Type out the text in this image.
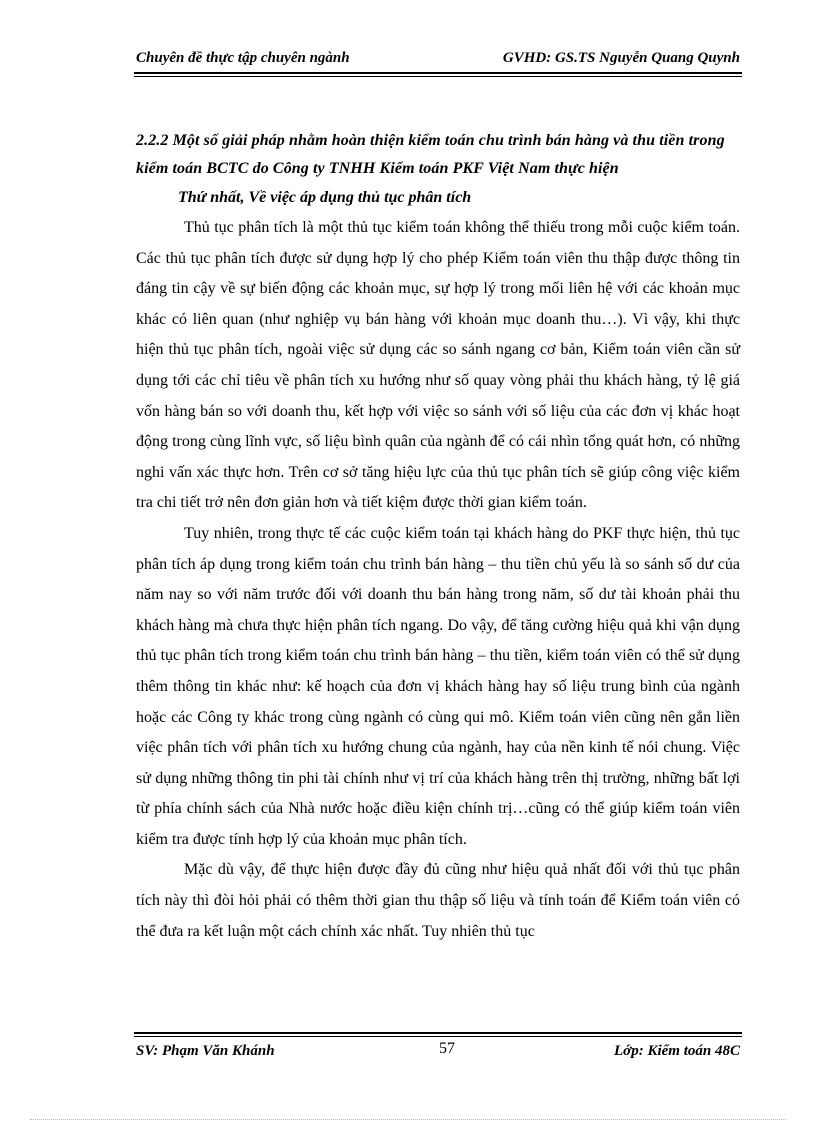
Chuyên đề thực tập chuyên ngành	GVHD: GS.TS Nguyễn Quang Quynh

2.2.2 Một số giải pháp nhằm hoàn thiện kiểm toán chu trình bán hàng và thu tiền trong kiểm toán BCTC do Công ty TNHH Kiểm toán PKF Việt Nam thực hiện

Thứ nhất, Về việc áp dụng thủ tục phân tích

Thủ tục phân tích là một thủ tục kiểm toán không thể thiếu trong mỗi cuộc kiểm toán. Các thủ tục phân tích được sử dụng hợp lý cho phép Kiểm toán viên thu thập được thông tin đáng tin cậy về sự biến động các khoản mục, sự hợp lý trong mối liên hệ với các khoản mục khác có liên quan (như nghiệp vụ bán hàng với khoản mục doanh thu…). Vì vậy, khi thực hiện thủ tục phân tích, ngoài việc sử dụng các so sánh ngang cơ bản, Kiểm toán viên cần sử dụng tới các chỉ tiêu về phân tích xu hướng như số quay vòng phải thu khách hàng, tỷ lệ giá vốn hàng bán so với doanh thu, kết hợp với việc so sánh với số liệu của các đơn vị khác hoạt động trong cùng lĩnh vực, số liệu bình quân của ngành để có cái nhìn tổng quát hơn, có những nghi vấn xác thực hơn. Trên cơ sở tăng hiệu lực của thủ tục phân tích sẽ giúp công việc kiểm tra chi tiết trở nên đơn giản hơn và tiết kiệm được thời gian kiểm toán.

Tuy nhiên, trong thực tế các cuộc kiểm toán tại khách hàng do PKF thực hiện, thủ tục phân tích áp dụng trong kiểm toán chu trình bán hàng – thu tiền chủ yếu là so sánh số dư của năm nay so với năm trước đối với doanh thu bán hàng trong năm, số dư tài khoản phải thu khách hàng mà chưa thực hiện phân tích ngang. Do vậy, để tăng cường hiệu quả khi vận dụng thủ tục phân tích trong kiểm toán chu trình bán hàng – thu tiền, kiểm toán viên có thể sử dụng thêm thông tin khác như: kế hoạch của đơn vị khách hàng hay số liệu trung bình của ngành hoặc các Công ty khác trong cùng ngành có cùng qui mô. Kiểm toán viên cũng nên gắn liền việc phân tích với phân tích xu hướng chung của ngành, hay của nền kinh tế nói chung. Việc sử dụng những thông tin phi tài chính như vị trí của khách hàng trên thị trường, những bất lợi từ phía chính sách của Nhà nước hoặc điều kiện chính trị…cũng có thể giúp kiểm toán viên kiểm tra được tính hợp lý của khoản mục phân tích.

Mặc dù vậy, để thực hiện được đầy đủ cũng như hiệu quả nhất đối với thủ tục phân tích này thì đòi hỏi phải có thêm thời gian thu thập số liệu và tính toán để Kiểm toán viên có thể đưa ra kết luận một cách chính xác nhất. Tuy nhiên thủ tục

SV: Phạm Văn Khánh	57	Lớp: Kiểm toán 48C
